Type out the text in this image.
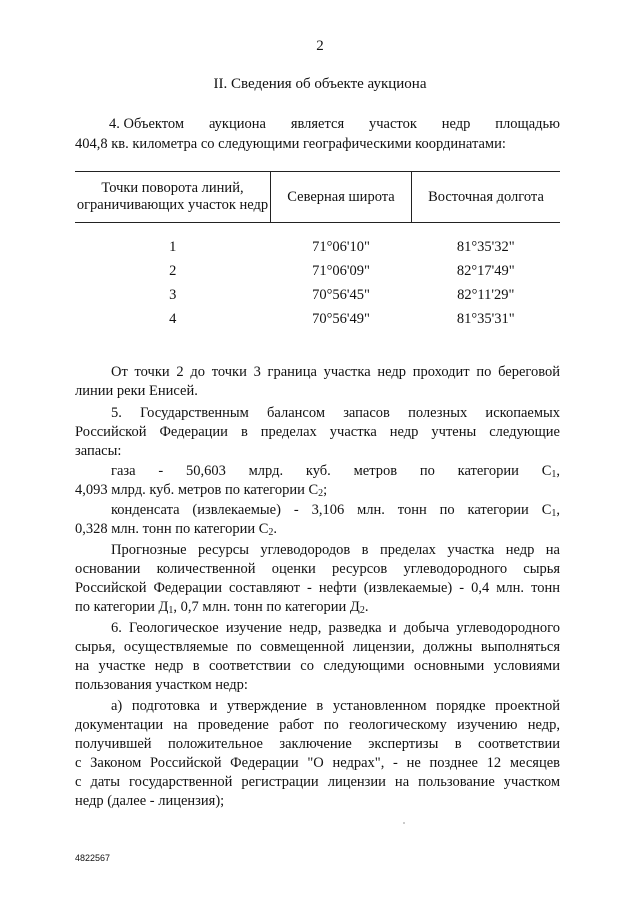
2
II. Сведения об объекте аукциона
4. Объектом аукциона является участок недр площадью
404,8 кв. километра со следующими географическими координатами:
Точки поворота линий, ограничивающих участок недр	Северная широта	Восточная долгота
1	71°06'10"	81°35'32"
2	71°06'09"	82°17'49"
3	70°56'45"	82°11'29"
4	70°56'49"	81°35'31"
От точки 2 до точки 3 граница участка недр проходит по береговой
линии реки Енисей.
5. Государственным балансом запасов полезных ископаемых
Российской Федерации в пределах участка недр учтены следующие
запасы:
газа - 50,603 млрд. куб. метров по категории $C_1$,
4,093 млрд. куб. метров по категории $C_2$;
конденсата (извлекаемые) - 3,106 млн. тонн по категории $C_1$,
0,328 млн. тонн по категории $C_2$.
Прогнозные ресурсы углеводородов в пределах участка недр на
основании количественной оценки ресурсов углеводородного сырья
Российской Федерации составляют - нефти (извлекаемые) - 0,4 млн. тонн
по категории $Д_1$, 0,7 млн. тонн по категории $Д_2$.
6. Геологическое изучение недр, разведка и добыча углеводородного
сырья, осуществляемые по совмещенной лицензии, должны выполняться
на участке недр в соответствии со следующими основными условиями
пользования участком недр:
а) подготовка и утверждение в установленном порядке проектной
документации на проведение работ по геологическому изучению недр,
получившей положительное заключение экспертизы в соответствии
с Законом Российской Федерации "О недрах", - не позднее 12 месяцев
с даты государственной регистрации лицензии на пользование участком
недр (далее - лицензия);
4822567
